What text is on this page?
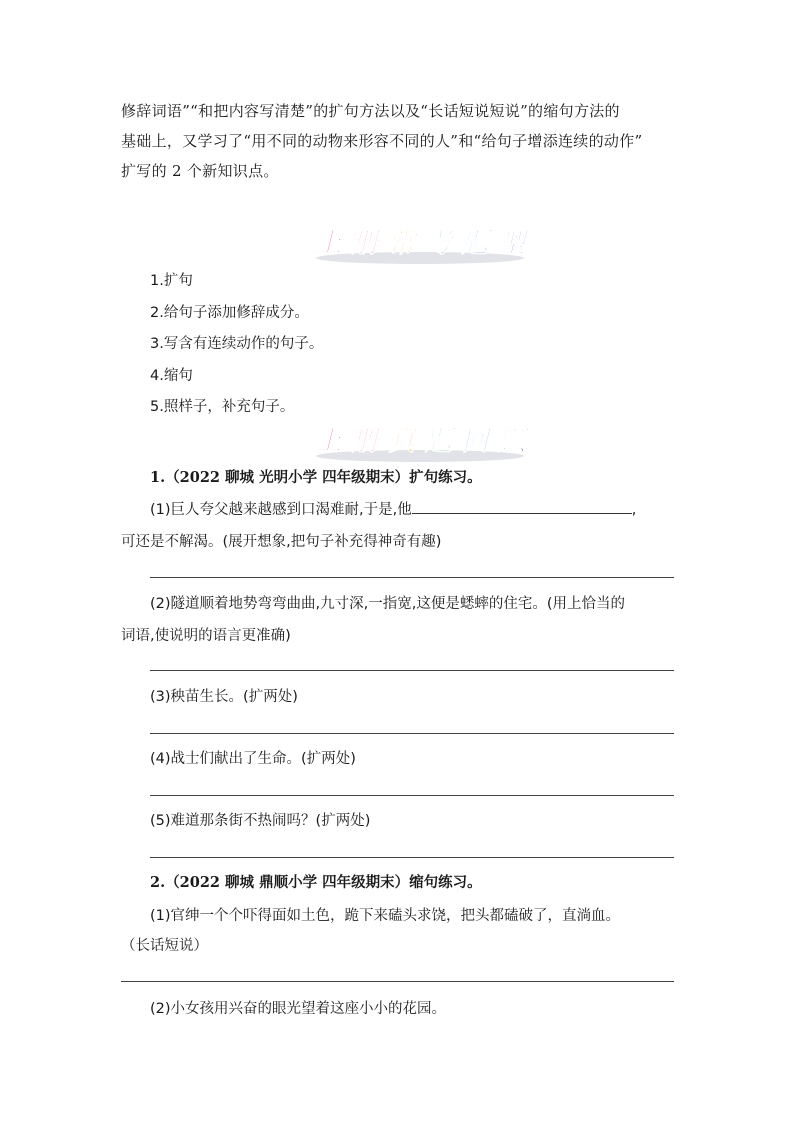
修辞词语”“和把内容写清楚”的扩句方法以及“长话短说短说”的缩句方法的

基础上，又学习了“用不同的动物来形容不同的人”和“给句子增添连续的动作”

扩写的 2 个新知识点。

上 册 常 考 题 型
1.扩句
2.给句子添加修辞成分。
3.写含有连续动作的句子。
4.缩句
5.照样子，补充句子。
上 册 真 题 回 顾
1.（2022 聊城 光明小学 四年级期末）扩句练习。
(1)巨人夸父越来越感到口渴难耐,于是,他	,
可还是不解渴。(展开想象,把句子补充得神奇有趣)
(2)隧道顺着地势弯弯曲曲,九寸深,一指宽,这便是蟋蟀的住宅。(用上恰当的
词语,使说明的语言更准确)
(3)秧苗生长。(扩两处)
(4)战士们献出了生命。(扩两处)
(5)难道那条街不热闹吗？(扩两处)
2.（2022 聊城 鼎顺小学 四年级期末）缩句练习。
(1)官绅一个个吓得面如土色，跪下来磕头求饶，把头都磕破了，直淌血。
（长话短说）
(2)小女孩用兴奋的眼光望着这座小小的花园。
